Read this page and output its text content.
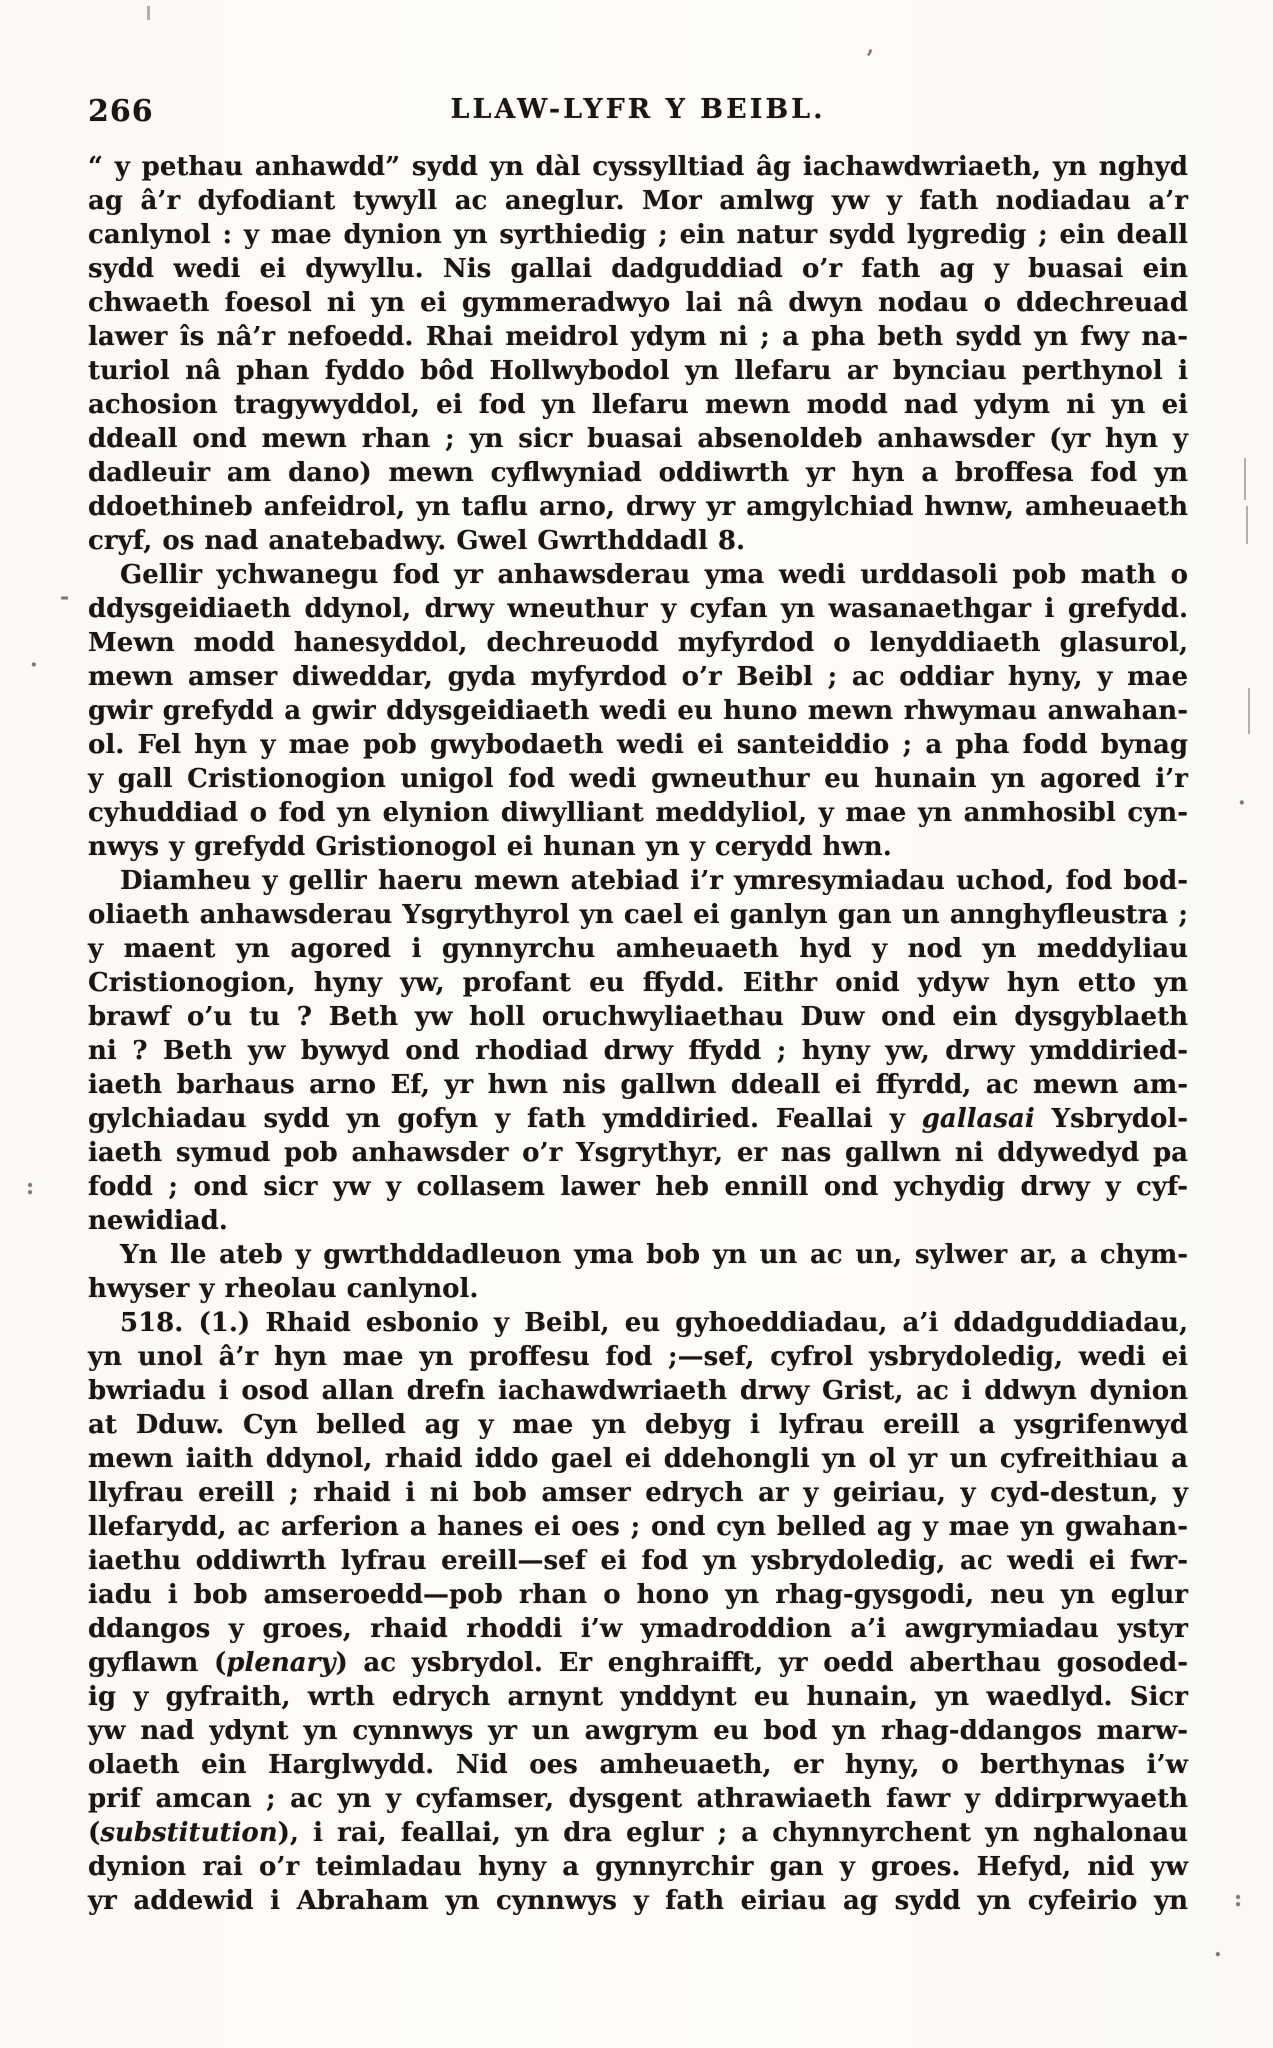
266	LLAW-LYFR Y BEIBL.
“ y pethau anhawdd” sydd yn dàl cyssylltiad âg iachawdwriaeth, yn nghyd
ag â’r dyfodiant tywyll ac aneglur. Mor amlwg yw y fath nodiadau a’r
canlynol : y mae dynion yn syrthiedig ; ein natur sydd lygredig ; ein deall
sydd wedi ei dywyllu. Nis gallai dadguddiad o’r fath ag y buasai ein
chwaeth foesol ni yn ei gymmeradwyo lai nâ dwyn nodau o ddechreuad
lawer îs nâ’r nefoedd. Rhai meidrol ydym ni ; a pha beth sydd yn fwy na-
turiol nâ phan fyddo bôd Hollwybodol yn llefaru ar bynciau perthynol i
achosion tragywyddol, ei fod yn llefaru mewn modd nad ydym ni yn ei
ddeall ond mewn rhan ; yn sicr buasai absenoldeb anhawsder (yr hyn y
dadleuir am dano) mewn cyflwyniad oddiwrth yr hyn a broffesa fod yn
ddoethineb anfeidrol, yn taflu arno, drwy yr amgylchiad hwnw, amheuaeth
cryf, os nad anatebadwy. Gwel Gwrthddadl 8.
Gellir ychwanegu fod yr anhawsderau yma wedi urddasoli pob math o
ddysgeidiaeth ddynol, drwy wneuthur y cyfan yn wasanaethgar i grefydd.
Mewn modd hanesyddol, dechreuodd myfyrdod o lenyddiaeth glasurol,
mewn amser diweddar, gyda myfyrdod o’r Beibl ; ac oddiar hyny, y mae
gwir grefydd a gwir ddysgeidiaeth wedi eu huno mewn rhwymau anwahan-
ol. Fel hyn y mae pob gwybodaeth wedi ei santeiddio ; a pha fodd bynag
y gall Cristionogion unigol fod wedi gwneuthur eu hunain yn agored i’r
cyhuddiad o fod yn elynion diwylliant meddyliol, y mae yn anmhosibl cyn-
nwys y grefydd Gristionogol ei hunan yn y cerydd hwn.
Diamheu y gellir haeru mewn atebiad i’r ymresymiadau uchod, fod bod-
oliaeth anhawsderau Ysgrythyrol yn cael ei ganlyn gan un annghyfleustra ;
y maent yn agored i gynnyrchu amheuaeth hyd y nod yn meddyliau
Cristionogion, hyny yw, profant eu ffydd. Eithr onid ydyw hyn etto yn
brawf o’u tu ? Beth yw holl oruchwyliaethau Duw ond ein dysgyblaeth
ni ? Beth yw bywyd ond rhodiad drwy ffydd ; hyny yw, drwy ymddiried-
iaeth barhaus arno Ef, yr hwn nis gallwn ddeall ei ffyrdd, ac mewn am-
gylchiadau sydd yn gofyn y fath ymddiried. Feallai y gallasai Ysbrydol-
iaeth symud pob anhawsder o’r Ysgrythyr, er nas gallwn ni ddywedyd pa
fodd ; ond sicr yw y collasem lawer heb ennill ond ychydig drwy y cyf-
newidiad.
Yn lle ateb y gwrthddadleuon yma bob yn un ac un, sylwer ar, a chym-
hwyser y rheolau canlynol.
518. (1.) Rhaid esbonio y Beibl, eu gyhoeddiadau, a’i ddadguddiadau,
yn unol â’r hyn mae yn proffesu fod ;—sef, cyfrol ysbrydoledig, wedi ei
bwriadu i osod allan drefn iachawdwriaeth drwy Grist, ac i ddwyn dynion
at Dduw. Cyn belled ag y mae yn debyg i lyfrau ereill a ysgrifenwyd
mewn iaith ddynol, rhaid iddo gael ei ddehongli yn ol yr un cyfreithiau a
llyfrau ereill ; rhaid i ni bob amser edrych ar y geiriau, y cyd-destun, y
llefarydd, ac arferion a hanes ei oes ; ond cyn belled ag y mae yn gwahan-
iaethu oddiwrth lyfrau ereill—sef ei fod yn ysbrydoledig, ac wedi ei fwr-
iadu i bob amseroedd—pob rhan o hono yn rhag-gysgodi, neu yn eglur
ddangos y groes, rhaid rhoddi i’w ymadroddion a’i awgrymiadau ystyr
gyflawn (plenary) ac ysbrydol. Er enghraifft, yr oedd aberthau gosoded-
ig y gyfraith, wrth edrych arnynt ynddynt eu hunain, yn waedlyd. Sicr
yw nad ydynt yn cynnwys yr un awgrym eu bod yn rhag-ddangos marw-
olaeth ein Harglwydd. Nid oes amheuaeth, er hyny, o berthynas i’w
prif amcan ; ac yn y cyfamser, dysgent athrawiaeth fawr y ddirprwyaeth
(substitution), i rai, feallai, yn dra eglur ; a chynnyrchent yn nghalonau
dynion rai o’r teimladau hyny a gynnyrchir gan y groes. Hefyd, nid yw
yr addewid i Abraham yn cynnwys y fath eiriau ag sydd yn cyfeirio yn
’
·
-
:
·
:
.
